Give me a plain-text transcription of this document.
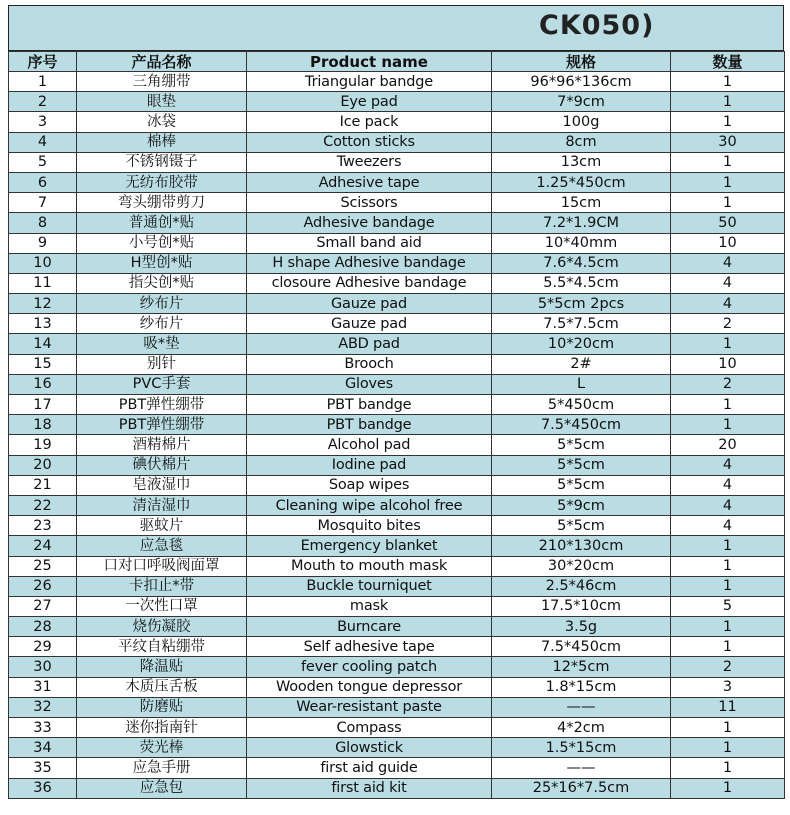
CK050)
序号	产品名称	Product name	规格	数量
1	三角绷带	Triangular bandge	96*96*136cm	1
2	眼垫	Eye pad	7*9cm	1
3	冰袋	Ice pack	100g	1
4	棉棒	Cotton sticks	8cm	30
5	不锈钢镊子	Tweezers	13cm	1
6	无纺布胶带	Adhesive tape	1.25*450cm	1
7	弯头绷带剪刀	Scissors	15cm	1
8	普通创*贴	Adhesive bandage	7.2*1.9CM	50
9	小号创*贴	Small band aid	10*40mm	10
10	H型创*贴	H shape Adhesive bandage	7.6*4.5cm	4
11	指尖创*贴	closoure Adhesive bandage	5.5*4.5cm	4
12	纱布片	Gauze pad	5*5cm 2pcs	4
13	纱布片	Gauze pad	7.5*7.5cm	2
14	吸*垫	ABD pad	10*20cm	1
15	别针	Brooch	2#	10
16	PVC手套	Gloves	L	2
17	PBT弹性绷带	PBT bandge	5*450cm	1
18	PBT弹性绷带	PBT bandge	7.5*450cm	1
19	酒精棉片	Alcohol pad	5*5cm	20
20	碘伏棉片	Iodine pad	5*5cm	4
21	皂液湿巾	Soap wipes	5*5cm	4
22	清洁湿巾	Cleaning wipe alcohol free	5*9cm	4
23	驱蚊片	Mosquito bites	5*5cm	4
24	应急毯	Emergency blanket	210*130cm	1
25	口对口呼吸阀面罩	Mouth to mouth mask	30*20cm	1
26	卡扣止*带	Buckle tourniquet	2.5*46cm	1
27	一次性口罩	mask	17.5*10cm	5
28	烧伤凝胶	Burncare	3.5g	1
29	平纹自粘绷带	Self adhesive tape	7.5*450cm	1
30	降温贴	fever cooling patch	12*5cm	2
31	木质压舌板	Wooden tongue depressor	1.8*15cm	3
32	防磨贴	Wear-resistant paste	——	11
33	迷你指南针	Compass	4*2cm	1
34	荧光棒	Glowstick	1.5*15cm	1
35	应急手册	first aid guide	——	1
36	应急包	first aid kit	25*16*7.5cm	1
